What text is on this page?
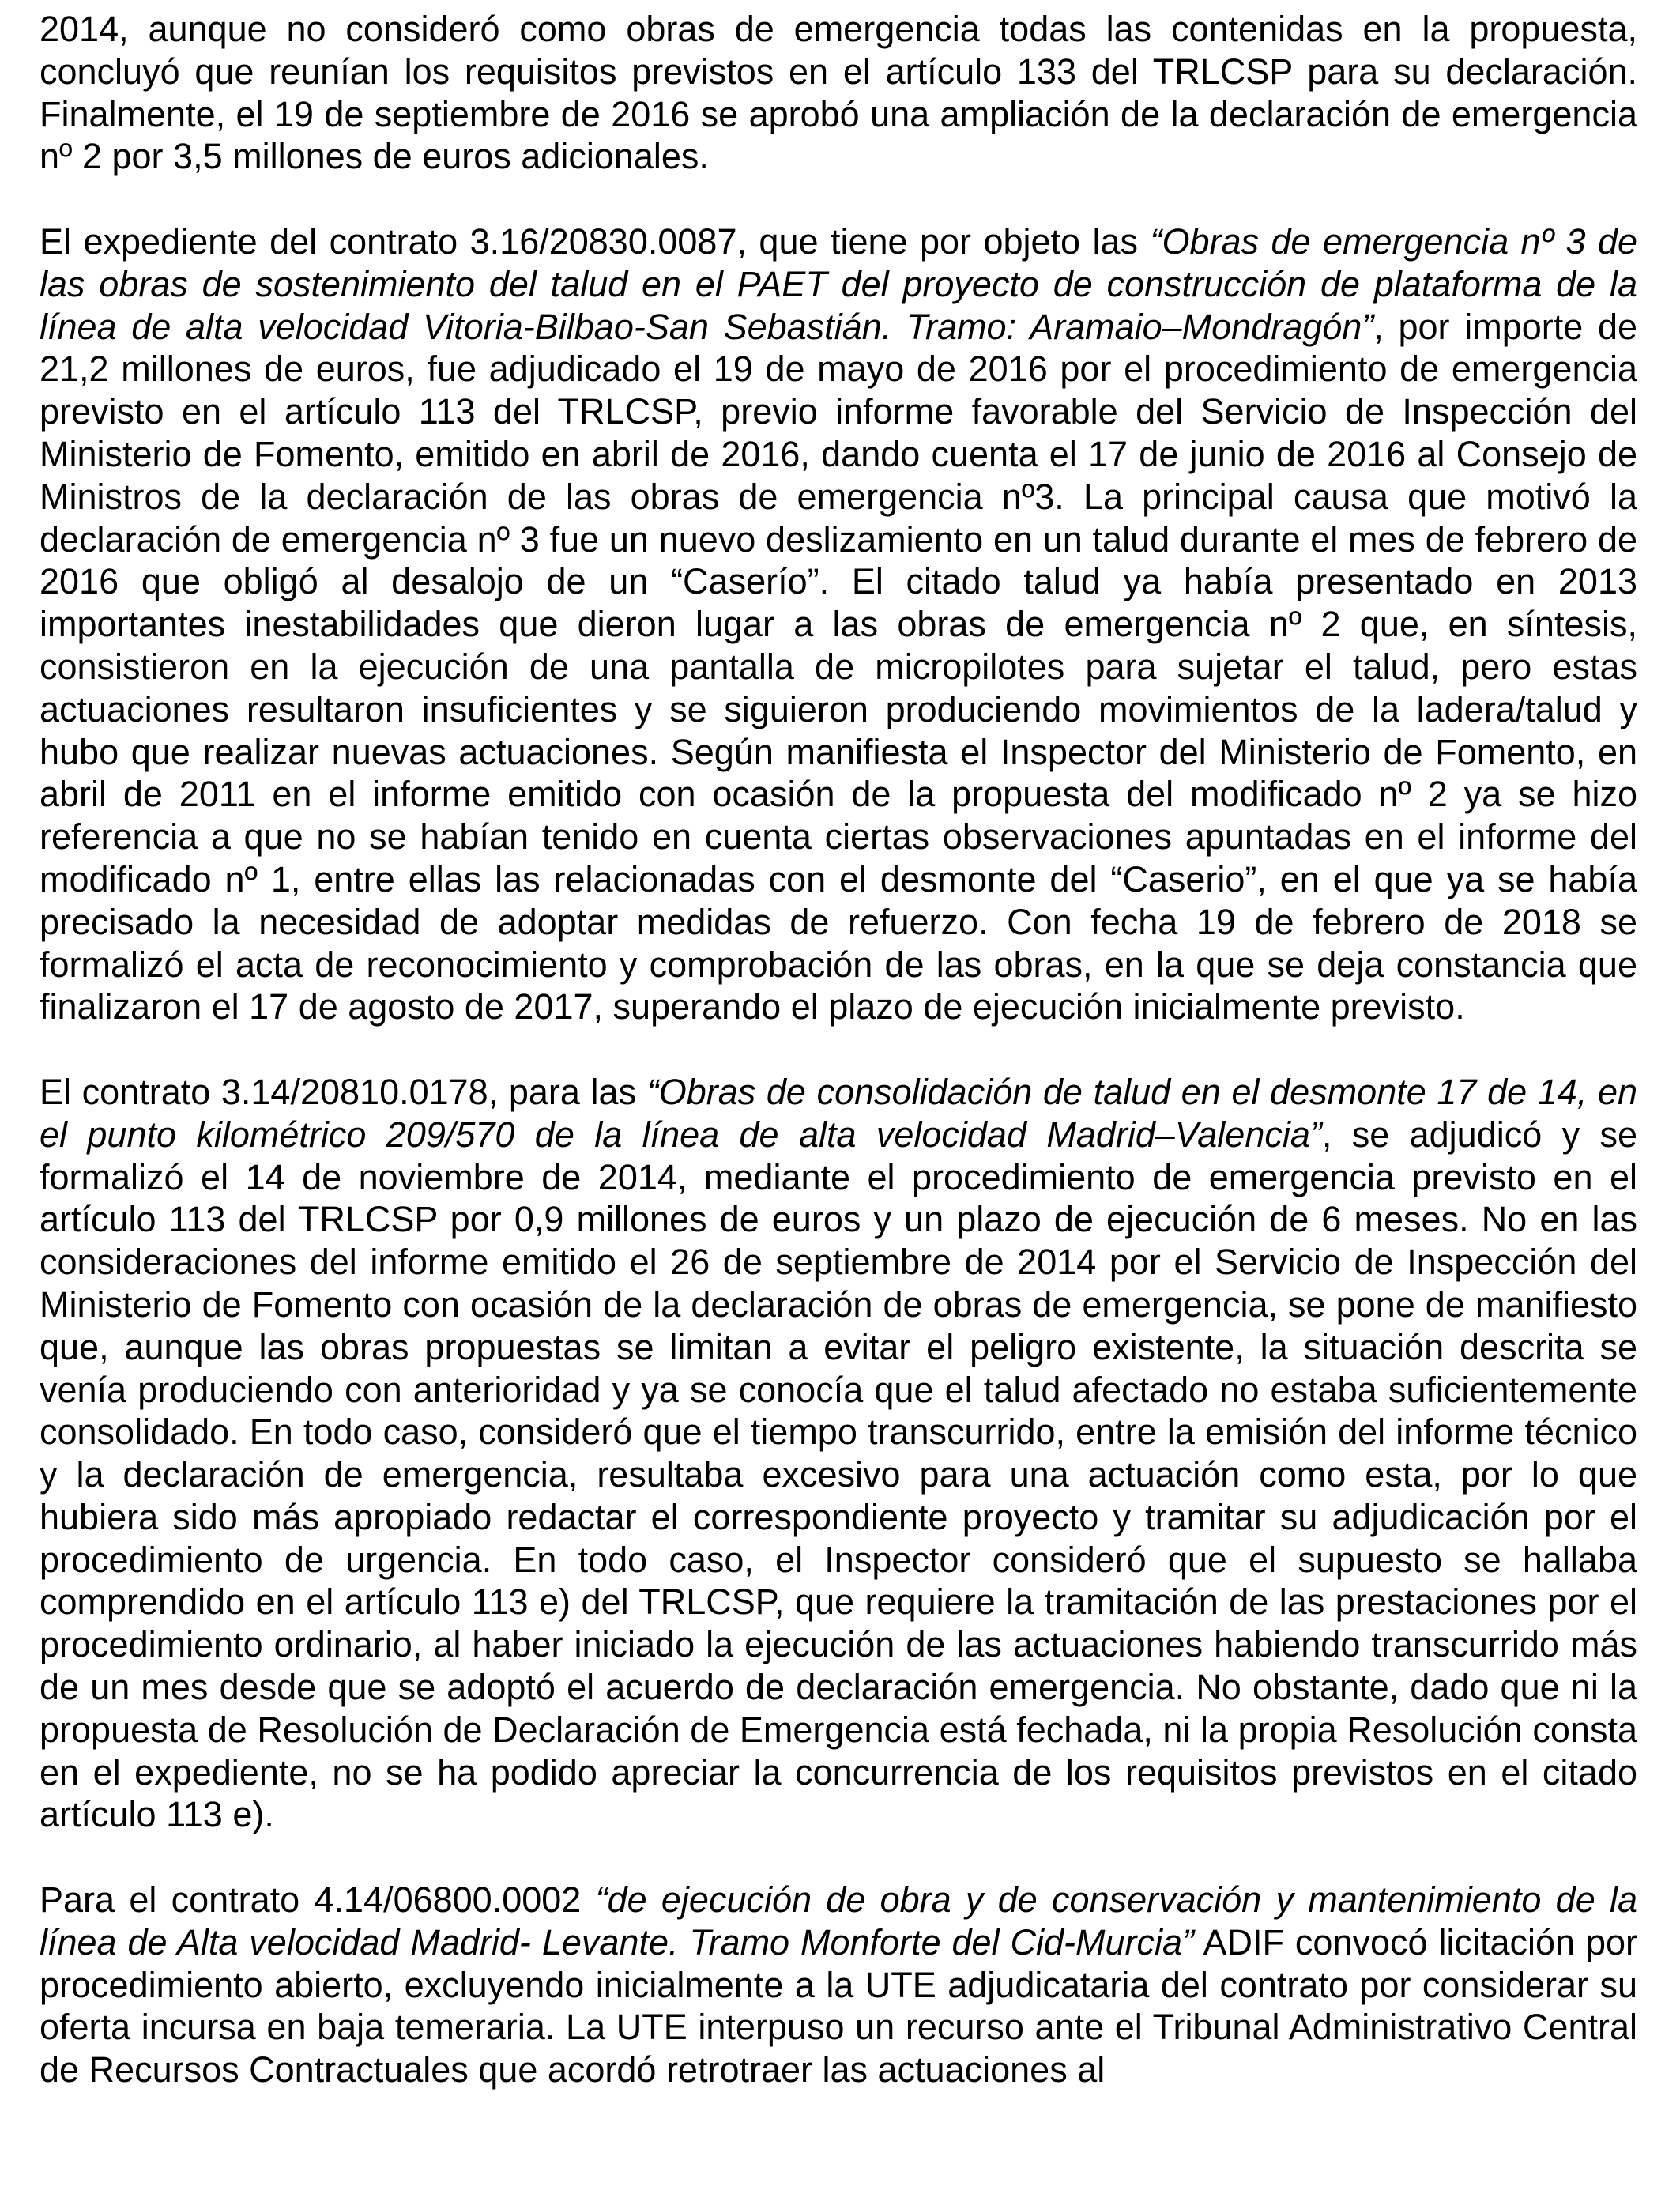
2014, aunque no consideró como obras de emergencia todas las contenidas en la propuesta, concluyó que reunían los requisitos previstos en el artículo 133 del TRLCSP para su declaración. Finalmente, el 19 de septiembre de 2016 se aprobó una ampliación de la declaración de emergencia nº 2 por 3,5 millones de euros adicionales.

El expediente del contrato 3.16/20830.0087, que tiene por objeto las “Obras de emergencia nº 3 de las obras de sostenimiento del talud en el PAET del proyecto de construcción de plataforma de la línea de alta velocidad Vitoria-Bilbao-San Sebastián. Tramo: Aramaio–Mondragón”, por importe de 21,2 millones de euros, fue adjudicado el 19 de mayo de 2016 por el procedimiento de emergencia previsto en el artículo 113 del TRLCSP, previo informe favorable del Servicio de Inspección del Ministerio de Fomento, emitido en abril de 2016, dando cuenta el 17 de junio de 2016 al Consejo de Ministros de la declaración de las obras de emergencia nº3. La principal causa que motivó la declaración de emergencia nº 3 fue un nuevo deslizamiento en un talud durante el mes de febrero de 2016 que obligó al desalojo de un “Caserío”. El citado talud ya había presentado en 2013 importantes inestabilidades que dieron lugar a las obras de emergencia nº 2 que, en síntesis, consistieron en la ejecución de una pantalla de micropilotes para sujetar el talud, pero estas actuaciones resultaron insuficientes y se siguieron produciendo movimientos de la ladera/talud y hubo que realizar nuevas actuaciones. Según manifiesta el Inspector del Ministerio de Fomento, en abril de 2011 en el informe emitido con ocasión de la propuesta del modificado nº 2 ya se hizo referencia a que no se habían tenido en cuenta ciertas observaciones apuntadas en el informe del modificado nº 1, entre ellas las relacionadas con el desmonte del “Caserio”, en el que ya se había precisado la necesidad de adoptar medidas de refuerzo. Con fecha 19 de febrero de 2018 se formalizó el acta de reconocimiento y comprobación de las obras, en la que se deja constancia que finalizaron el 17 de agosto de 2017, superando el plazo de ejecución inicialmente previsto.

El contrato 3.14/20810.0178, para las “Obras de consolidación de talud en el desmonte 17 de 14, en el punto kilométrico 209/570 de la línea de alta velocidad Madrid–Valencia”, se adjudicó y se formalizó el 14 de noviembre de 2014, mediante el procedimiento de emergencia previsto en el artículo 113 del TRLCSP por 0,9 millones de euros y un plazo de ejecución de 6 meses. No en las consideraciones del informe emitido el 26 de septiembre de 2014 por el Servicio de Inspección del Ministerio de Fomento con ocasión de la declaración de obras de emergencia, se pone de manifiesto que, aunque las obras propuestas se limitan a evitar el peligro existente, la situación descrita se venía produciendo con anterioridad y ya se conocía que el talud afectado no estaba suficientemente consolidado. En todo caso, consideró que el tiempo transcurrido, entre la emisión del informe técnico y la declaración de emergencia, resultaba excesivo para una actuación como esta, por lo que hubiera sido más apropiado redactar el correspondiente proyecto y tramitar su adjudicación por el procedimiento de urgencia. En todo caso, el Inspector consideró que el supuesto se hallaba comprendido en el artículo 113 e) del TRLCSP, que requiere la tramitación de las prestaciones por el procedimiento ordinario, al haber iniciado la ejecución de las actuaciones habiendo transcurrido más de un mes desde que se adoptó el acuerdo de declaración emergencia. No obstante, dado que ni la propuesta de Resolución de Declaración de Emergencia está fechada, ni la propia Resolución consta en el expediente, no se ha podido apreciar la concurrencia de los requisitos previstos en el citado artículo 113 e).

Para el contrato 4.14/06800.0002 “de ejecución de obra y de conservación y mantenimiento de la línea de Alta velocidad Madrid- Levante. Tramo Monforte del Cid-Murcia” ADIF convocó licitación por procedimiento abierto, excluyendo inicialmente a la UTE adjudicataria del contrato por considerar su oferta incursa en baja temeraria. La UTE interpuso un recurso ante el Tribunal Administrativo Central de Recursos Contractuales que acordó retrotraer las actuaciones al
